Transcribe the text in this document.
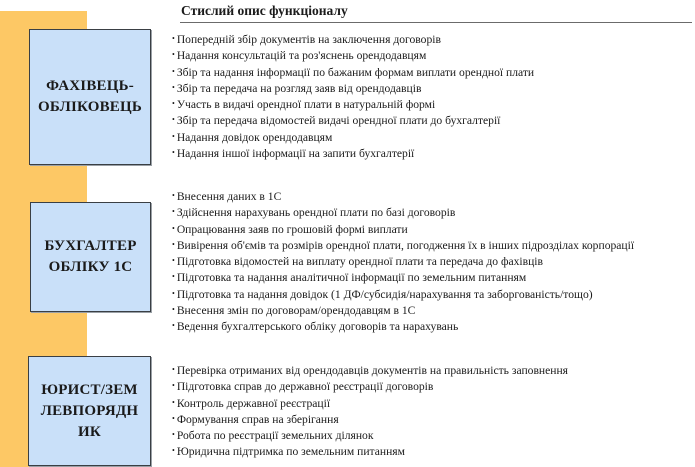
Стислий опис функціоналу
ФАХІВЕЦЬ-
ОБЛІКОВЕЦЬ
• Попередній збір документів на заключення договорів
• Надання консультацій та роз'яснень орендодавцям
• Збір та надання інформації по бажаним формам виплати орендної плати
• Збір та передача на розгляд заяв від орендодавців
• Участь в видачі орендної плати в натуральній формі
• Збір та передача відомостей видачі орендної плати до бухгалтерії
• Надання довідок орендодавцям
• Надання іншої інформації на запити бухгалтерії
БУХГАЛТЕР
ОБЛІКУ 1С
• Внесення даних в 1С
• Здійснення нарахувань орендної плати по базі договорів
• Опрацювання заяв по грошовій формі виплати
• Вивірення об'ємів та розмірів орендної плати, погодження їх в інших підрозділах корпорації
• Підготовка відомостей на виплату орендної плати та передача до фахівців
• Підготовка та надання аналітичної інформації по земельним питанням
• Підготовка та надання довідок (1 ДФ/субсидія/нарахування та заборгованість/тощо)
• Внесення змін по договорам/орендодавцям в 1С
• Ведення бухгалтерського обліку договорів та нарахувань
ЮРИСТ/ЗЕМ
ЛЕВПОРЯДН
ИК
• Перевірка отриманих від орендодавців документів на правильність заповнення
• Підготовка справ до державної реєстрації договорів
• Контроль державної реєстрації
• Формування справ на зберігання
• Робота по реєстрації земельних ділянок
• Юридична підтримка по земельним питанням
